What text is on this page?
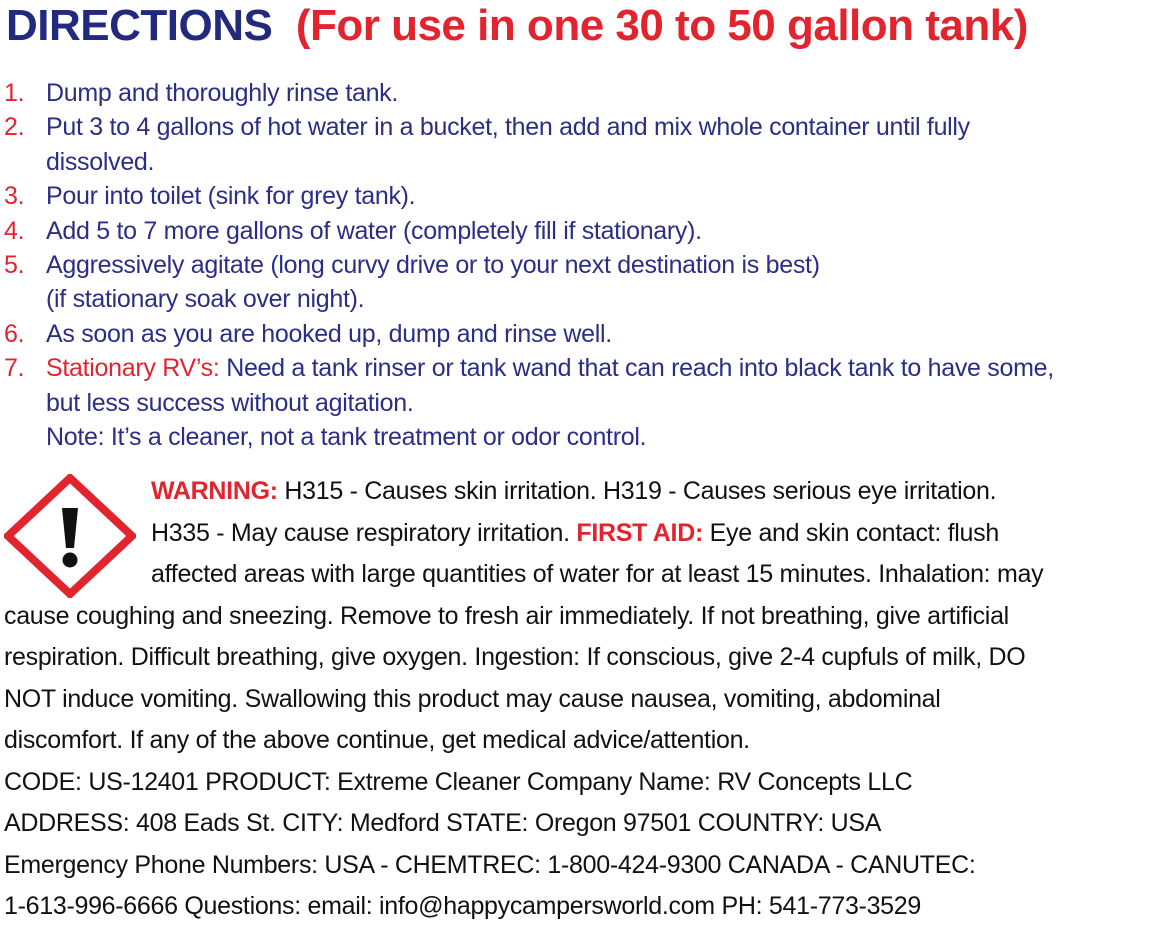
DIRECTIONS (For use in one 30 to 50 gallon tank)
1. Dump and thoroughly rinse tank.
2. Put 3 to 4 gallons of hot water in a bucket, then add and mix whole container until fully
dissolved.
3. Pour into toilet (sink for grey tank).
4. Add 5 to 7 more gallons of water (completely fill if stationary).
5. Aggressively agitate (long curvy drive or to your next destination is best)
(if stationary soak over night).
6. As soon as you are hooked up, dump and rinse well.
7. Stationary RV’s: Need a tank rinser or tank wand that can reach into black tank to have some,
but less success without agitation.
Note: It’s a cleaner, not a tank treatment or odor control.
WARNING: H315 - Causes skin irritation. H319 - Causes serious eye irritation.
H335 - May cause respiratory irritation. FIRST AID: Eye and skin contact: flush
affected areas with large quantities of water for at least 15 minutes. Inhalation: may
cause coughing and sneezing. Remove to fresh air immediately. If not breathing, give artificial
respiration. Difficult breathing, give oxygen. Ingestion: If conscious, give 2-4 cupfuls of milk, DO
NOT induce vomiting. Swallowing this product may cause nausea, vomiting, abdominal
discomfort. If any of the above continue, get medical advice/attention.
CODE: US-12401 PRODUCT: Extreme Cleaner Company Name: RV Concepts LLC
ADDRESS: 408 Eads St. CITY: Medford STATE: Oregon 97501 COUNTRY: USA
Emergency Phone Numbers: USA - CHEMTREC: 1-800-424-9300 CANADA - CANUTEC:
1-613-996-6666 Questions: email: info@happycampersworld.com PH: 541-773-3529
